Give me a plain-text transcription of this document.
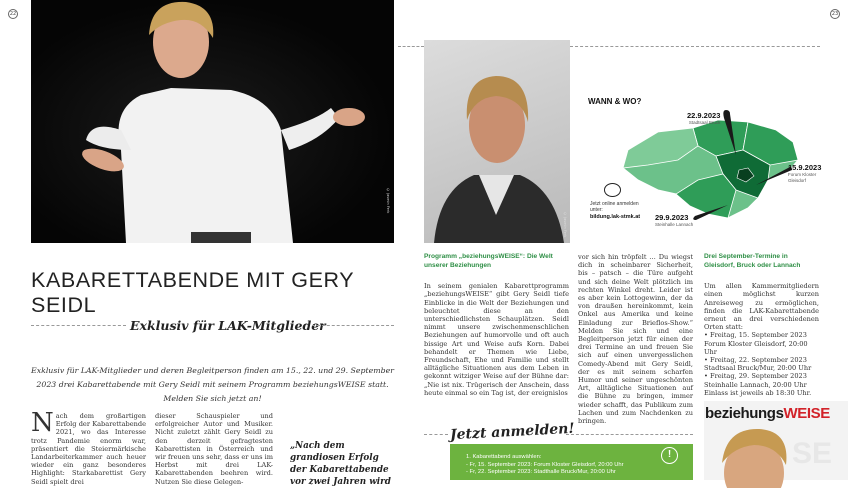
22	23
© Jasmin Ferk
KABARETTABENDE MIT GERY SEIDL
Exklusiv für LAK-Mitglieder
Exklusiv für LAK-Mitglieder und deren Begleitperson finden am 15., 22. und 29. September 2023 drei Kabarettabende mit Gery Seidl mit seinem Programm beziehungsWEISE statt. Melden Sie sich jetzt an!
Nach dem großartigen Erfolg der Kabarettabende 2021, wo das Interesse trotz Pandemie enorm war, präsentiert die Steiermärkische Landarbeiterkammer auch heuer wieder ein ganz besonderes Highlight: Starkabarettist Gery Seidl spielt drei
dieser Schauspieler und erfolgreicher Autor und Musiker. Nicht zuletzt zählt Gery Seidl zu den derzeit gefragtesten Kabarettisten in Österreich und wir freuen uns sehr, dass er uns im Herbst mit drei LAK-Kabarettabenden beehren wird. Nutzen Sie diese Gelegen-
„Nach dem grandiosen Erfolg der Kabarettabende vor zwei Jahren wird
© Jasmin Ferk
Programm „beziehungsWEISE“: Die Welt unserer Beziehungen

In seinem genialen Kabarettprogramm „beziehungsWEISE“ gibt Gery Seidl tiefe Einblicke in die Welt der Beziehungen und beleuchtet diese an den unterschiedlichsten Schauplätzen. Seidl nimmt unsere zwischenmenschlichen Beziehungen auf humorvolle und oft auch bissige Art und Weise aufs Korn. Dabei behandelt er Themen wie Liebe, Freundschaft, Ehe und Familie und stellt alltägliche Situationen aus dem Leben in gekonnt witziger Weise auf der Bühne dar: „Nie ist nix. Trügerisch der Anschein, dass heute einmal so ein Tag ist, der ereignislos

vor sich hin tröpfelt … Du wiegst dich in scheinbarer Sicherheit, bis – patsch – die Türe aufgeht und sich deine Welt plötzlich im rechten Winkel dreht. Leider ist es aber kein Lottogewinn, der da von draußen hereinkommt, kein Onkel aus Amerika und keine Einladung zur Brieflos-Show.“ Melden Sie sich und eine Begleitperson jetzt für einen der drei Termine an und freuen Sie sich auf einen unvergesslichen Comedy-Abend mit Gery Seidl, der es mit seinem scharfen Humor und seiner ungeschönten Art, alltägliche Situationen auf die Bühne zu bringen, immer wieder schafft, das Publikum zum Lachen und zum Nachdenken zu bringen.
WANN & WO?
22.9.2023
Stadtsaal Bruck
15.9.2023
Forum Kloster Gleisdorf
29.9.2023
Steinhalle Lannach
Jetzt online anmelden unter:
bildung.lak-stmk.at
Drei September-Termine in Gleisdorf, Bruck oder Lannach

Um allen Kammermitgliedern einen möglichst kurzen Anreiseweg zu ermöglichen, finden die LAK-Kabarettabende erneut an drei verschiedenen Orten statt:

• Freitag, 15. September 2023 Forum Kloster Gleisdorf, 20:00 Uhr
• Freitag, 22. September 2023 Stadtsaal Bruck/Mur, 20:00 Uhr
• Freitag, 29. September 2023 Steinhalle Lannach, 20:00 Uhr

Einlass ist jeweils ab 18:30 Uhr.

Jetzt anmelden!
1. Kabarettabend auswählen:
- Fr, 15. September 2023: Forum Kloster Gleisdorf, 20:00 Uhr
- Fr, 22. September 2023: Stadthalle Bruck/Mur, 20:00 Uhr
!
beziehungsWEISE
SE
